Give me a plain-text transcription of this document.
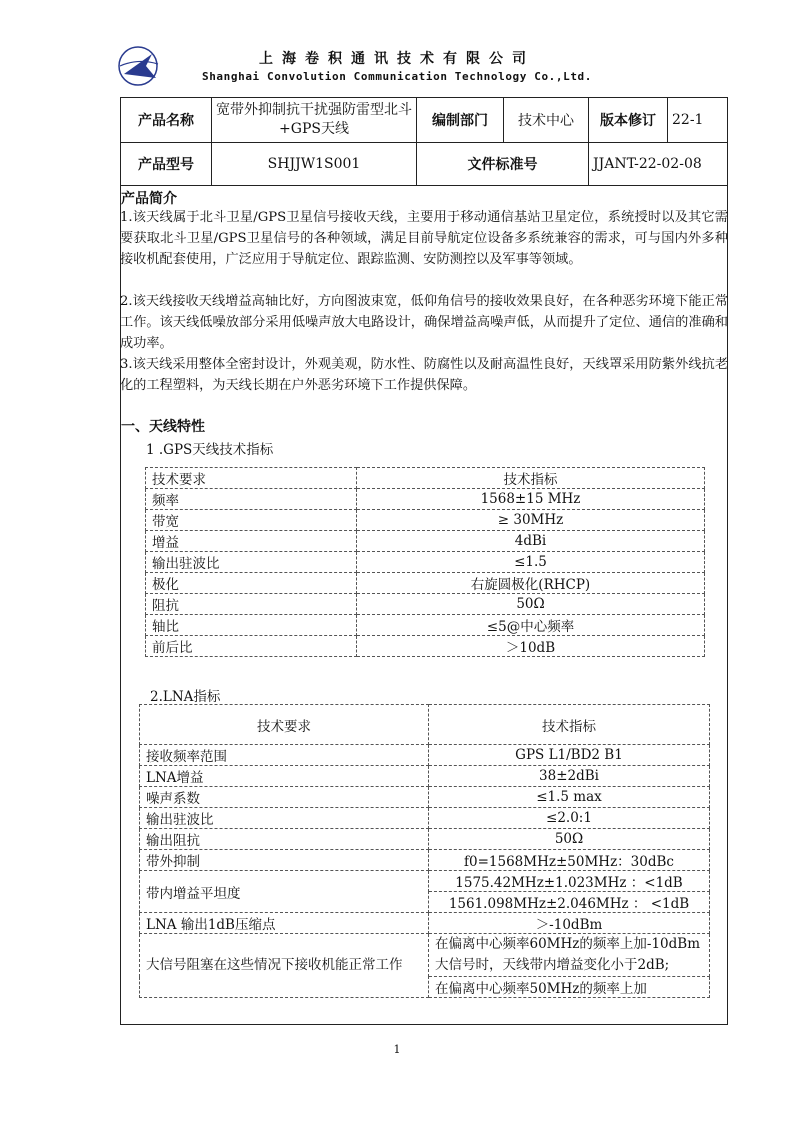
上海卷积通讯技术有限公司
Shanghai Convolution Communication Technology Co.,Ltd.
产品名称	宽带外抑制抗干扰强防雷型北斗+GPS天线	编制部门	技术中心	版本修订	22-1
产品型号	SHJJW1S001	文件标准号		JJANT-22-02-08	
产品简介
1.该天线属于北斗卫星/GPS卫星信号接收天线，主要用于移动通信基站卫星定位，系统授时以及其它需要获取北斗卫星/GPS卫星信号的各种领域，满足目前导航定位设备多系统兼容的需求，可与国内外多种接收机配套使用，广泛应用于导航定位、跟踪监测、安防测控以及军事等领域。
2.该天线接收天线增益高轴比好，方向图波束宽，低仰角信号的接收效果良好，在各种恶劣环境下能正常工作。该天线低噪放部分采用低噪声放大电路设计，确保增益高噪声低，从而提升了定位、通信的准确和成功率。
3.该天线采用整体全密封设计，外观美观，防水性、防腐性以及耐高温性良好，天线罩采用防紫外线抗老化的工程塑料，为天线长期在户外恶劣环境下工作提供保障。
一、天线特性
1 .GPS天线技术指标
技术要求	技术指标
频率	1568±15 MHz
带宽	≥ 30MHz
增益	4dBi
输出驻波比	≤1.5
极化	右旋圆极化(RHCP)
阻抗	50Ω
轴比	≤5@中心频率
前后比	＞10dB
2.LNA指标
技术要求	技术指标
接收频率范围	GPS L1/BD2 B1
LNA增益	38±2dBi
噪声系数	≤1.5 max
输出驻波比	≤2.0:1
输出阻抗	50Ω
带外抑制	f0=1568MHz±50MHz：30dBc
带内增益平坦度	1575.42MHz±1.023MHz ：<1dB
	1561.098MHz±2.046MHz ： <1dB
LNA 输出1dB压缩点	＞-10dBm
大信号阻塞在这些情况下接收机能正常工作	在偏离中心频率60MHz的频率上加-10dBm大信号时，天线带内增益变化小于2dB;
	在偏离中心频率50MHz的频率上加
1
